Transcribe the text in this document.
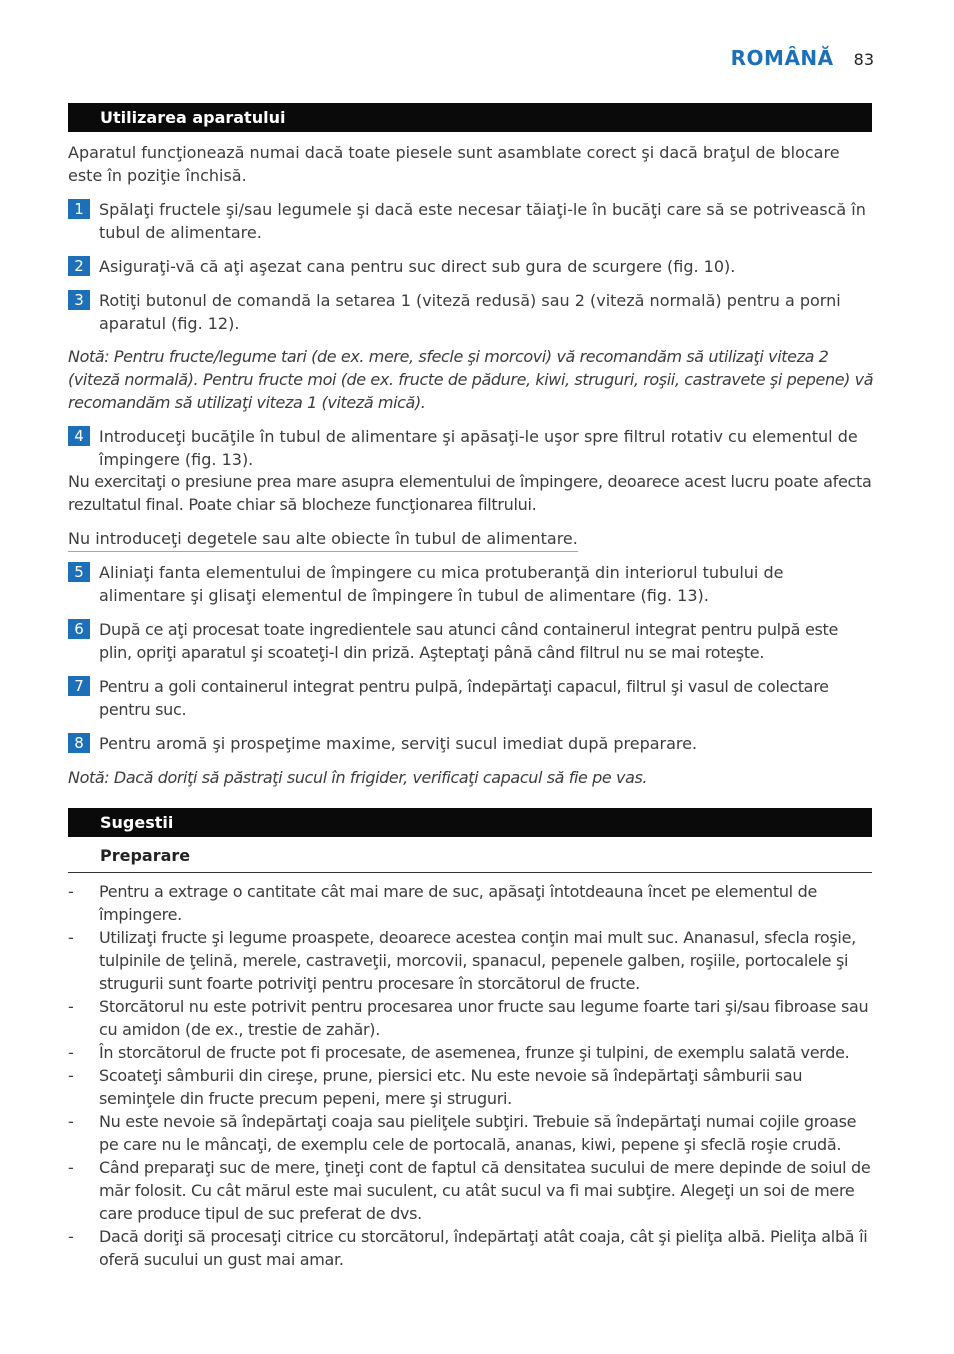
ROMÂNĂ 83
Utilizarea aparatului
Aparatul funcţionează numai dacă toate piesele sunt asamblate corect şi dacă braţul de blocare este în poziţie închisă.
1 Spălaţi fructele şi/sau legumele şi dacă este necesar tăiaţi-le în bucăţi care să se potrivească în tubul de alimentare.
2 Asiguraţi-vă că aţi aşezat cana pentru suc direct sub gura de scurgere (fig. 10).
3 Rotiţi butonul de comandă la setarea 1 (viteză redusă) sau 2 (viteză normală) pentru a porni aparatul (fig. 12).
Notă: Pentru fructe/legume tari (de ex. mere, sfecle şi morcovi) vă recomandăm să utilizaţi viteza 2 (viteză normală). Pentru fructe moi (de ex. fructe de pădure, kiwi, struguri, roşii, castravete şi pepene) vă recomandăm să utilizaţi viteza 1 (viteză mică).
4 Introduceţi bucăţile în tubul de alimentare şi apăsaţi-le uşor spre filtrul rotativ cu elementul de împingere (fig. 13).
Nu exercitaţi o presiune prea mare asupra elementului de împingere, deoarece acest lucru poate afecta rezultatul final. Poate chiar să blocheze funcţionarea filtrului.
Nu introduceţi degetele sau alte obiecte în tubul de alimentare.
5 Aliniaţi fanta elementului de împingere cu mica protuberanţă din interiorul tubului de alimentare şi glisaţi elementul de împingere în tubul de alimentare (fig. 13).
6 După ce aţi procesat toate ingredientele sau atunci când containerul integrat pentru pulpă este plin, opriţi aparatul şi scoateţi-l din priză. Aşteptaţi până când filtrul nu se mai roteşte.
7 Pentru a goli containerul integrat pentru pulpă, îndepărtaţi capacul, filtrul şi vasul de colectare pentru suc.
8 Pentru aromă şi prospeţime maxime, serviţi sucul imediat după preparare.
Notă: Dacă doriţi să păstraţi sucul în frigider, verificaţi capacul să fie pe vas.
Sugestii
Preparare
- Pentru a extrage o cantitate cât mai mare de suc, apăsaţi întotdeauna încet pe elementul de împingere.
- Utilizaţi fructe şi legume proaspete, deoarece acestea conţin mai mult suc. Ananasul, sfecla roşie, tulpinile de ţelină, merele, castraveţii, morcovii, spanacul, pepenele galben, roşiile, portocalele şi strugurii sunt foarte potriviţi pentru procesare în storcătorul de fructe.
- Storcătorul nu este potrivit pentru procesarea unor fructe sau legume foarte tari şi/sau fibroase sau cu amidon (de ex., trestie de zahăr).
- În storcătorul de fructe pot fi procesate, de asemenea, frunze şi tulpini, de exemplu salată verde.
- Scoateţi sâmburii din cireşe, prune, piersici etc. Nu este nevoie să îndepărtaţi sâmburii sau seminţele din fructe precum pepeni, mere şi struguri.
- Nu este nevoie să îndepărtaţi coaja sau pieliţele subţiri. Trebuie să îndepărtaţi numai cojile groase pe care nu le mâncaţi, de exemplu cele de portocală, ananas, kiwi, pepene şi sfeclă roşie crudă.
- Când preparaţi suc de mere, ţineţi cont de faptul că densitatea sucului de mere depinde de soiul de măr folosit. Cu cât mărul este mai suculent, cu atât sucul va fi mai subţire. Alegeţi un soi de mere care produce tipul de suc preferat de dvs.
- Dacă doriţi să procesaţi citrice cu storcătorul, îndepărtaţi atât coaja, cât şi pieliţa albă. Pieliţa albă îi oferă sucului un gust mai amar.
